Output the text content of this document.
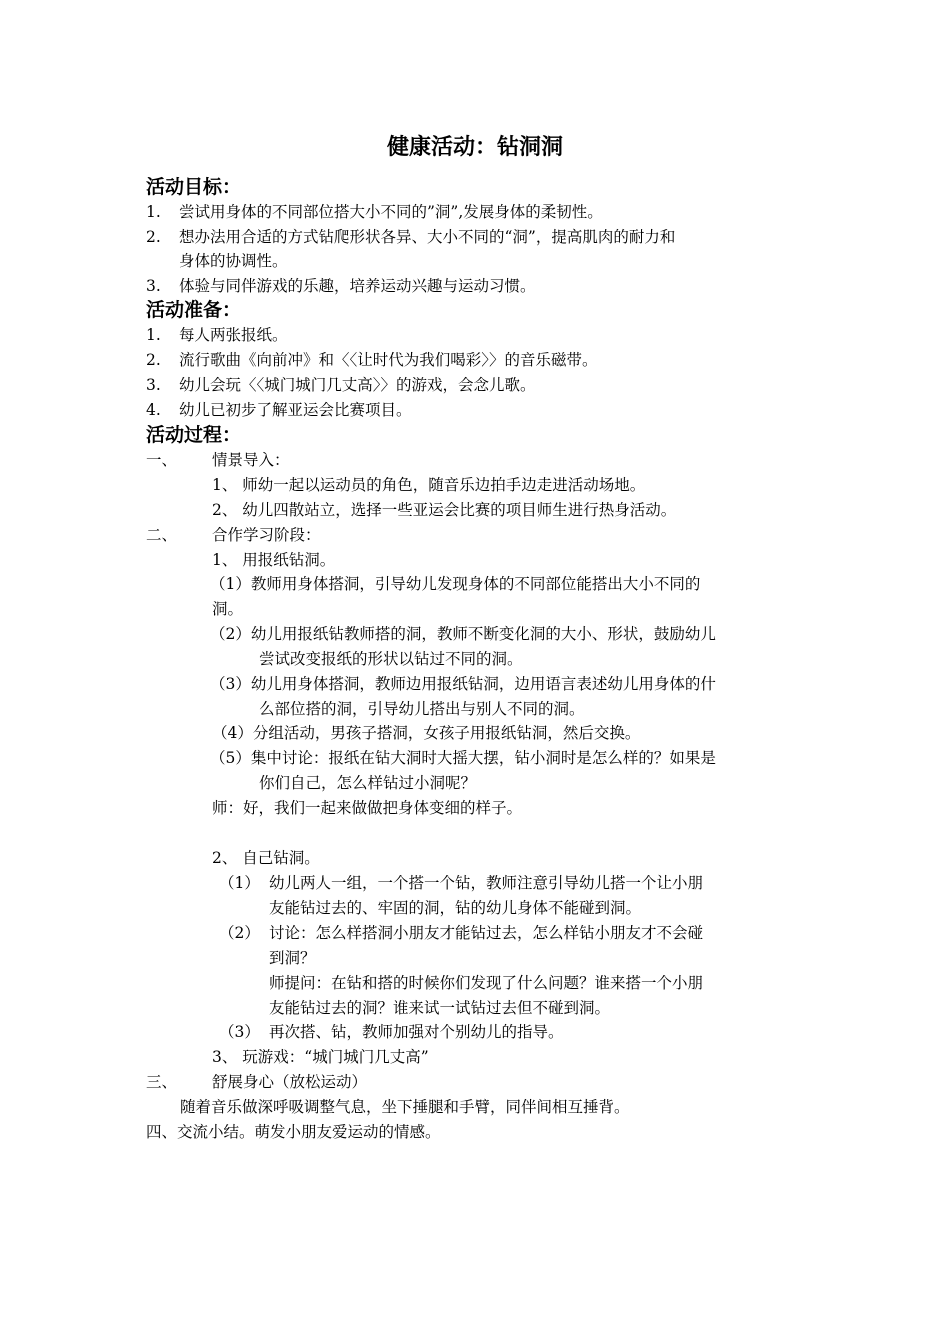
健康活动：钻洞洞
活动目标：
1. 尝试用身体的不同部位搭大小不同的”洞”,发展身体的柔韧性。
2. 想办法用合适的方式钻爬形状各异、大小不同的“洞”，提高肌肉的耐力和
身体的协调性。
3. 体验与同伴游戏的乐趣，培养运动兴趣与运动习惯。
活动准备：
1. 每人两张报纸。
2. 流行歌曲《向前冲》和〈〈让时代为我们喝彩〉〉的音乐磁带。
3. 幼儿会玩〈〈城门城门几丈高〉〉的游戏，会念儿歌。
4. 幼儿已初步了解亚运会比赛项目。
活动过程：
一、 情景导入：
1、 师幼一起以运动员的角色，随音乐边拍手边走进活动场地。
2、 幼儿四散站立，选择一些亚运会比赛的项目师生进行热身活动。
二、 合作学习阶段：
1、 用报纸钻洞。
（1）教师用身体搭洞，引导幼儿发现身体的不同部位能搭出大小不同的
洞。
（2）幼儿用报纸钻教师搭的洞，教师不断变化洞的大小、形状，鼓励幼儿
尝试改变报纸的形状以钻过不同的洞。
（3）幼儿用身体搭洞，教师边用报纸钻洞，边用语言表述幼儿用身体的什
么部位搭的洞，引导幼儿搭出与别人不同的洞。
（4）分组活动，男孩子搭洞，女孩子用报纸钻洞，然后交换。
（5）集中讨论：报纸在钻大洞时大摇大摆，钻小洞时是怎么样的？如果是
你们自己，怎么样钻过小洞呢？
师：好，我们一起来做做把身体变细的样子。
2、 自己钻洞。
（1） 幼儿两人一组，一个搭一个钻，教师注意引导幼儿搭一个让小朋
友能钻过去的、牢固的洞，钻的幼儿身体不能碰到洞。
（2） 讨论：怎么样搭洞小朋友才能钻过去，怎么样钻小朋友才不会碰
到洞？
师提问：在钻和搭的时候你们发现了什么问题？谁来搭一个小朋
友能钻过去的洞？谁来试一试钻过去但不碰到洞。
（3） 再次搭、钻，教师加强对个别幼儿的指导。
3、 玩游戏：“城门城门几丈高”
三、 舒展身心（放松运动）
随着音乐做深呼吸调整气息，坐下捶腿和手臂，同伴间相互捶背。
四、交流小结。萌发小朋友爱运动的情感。
